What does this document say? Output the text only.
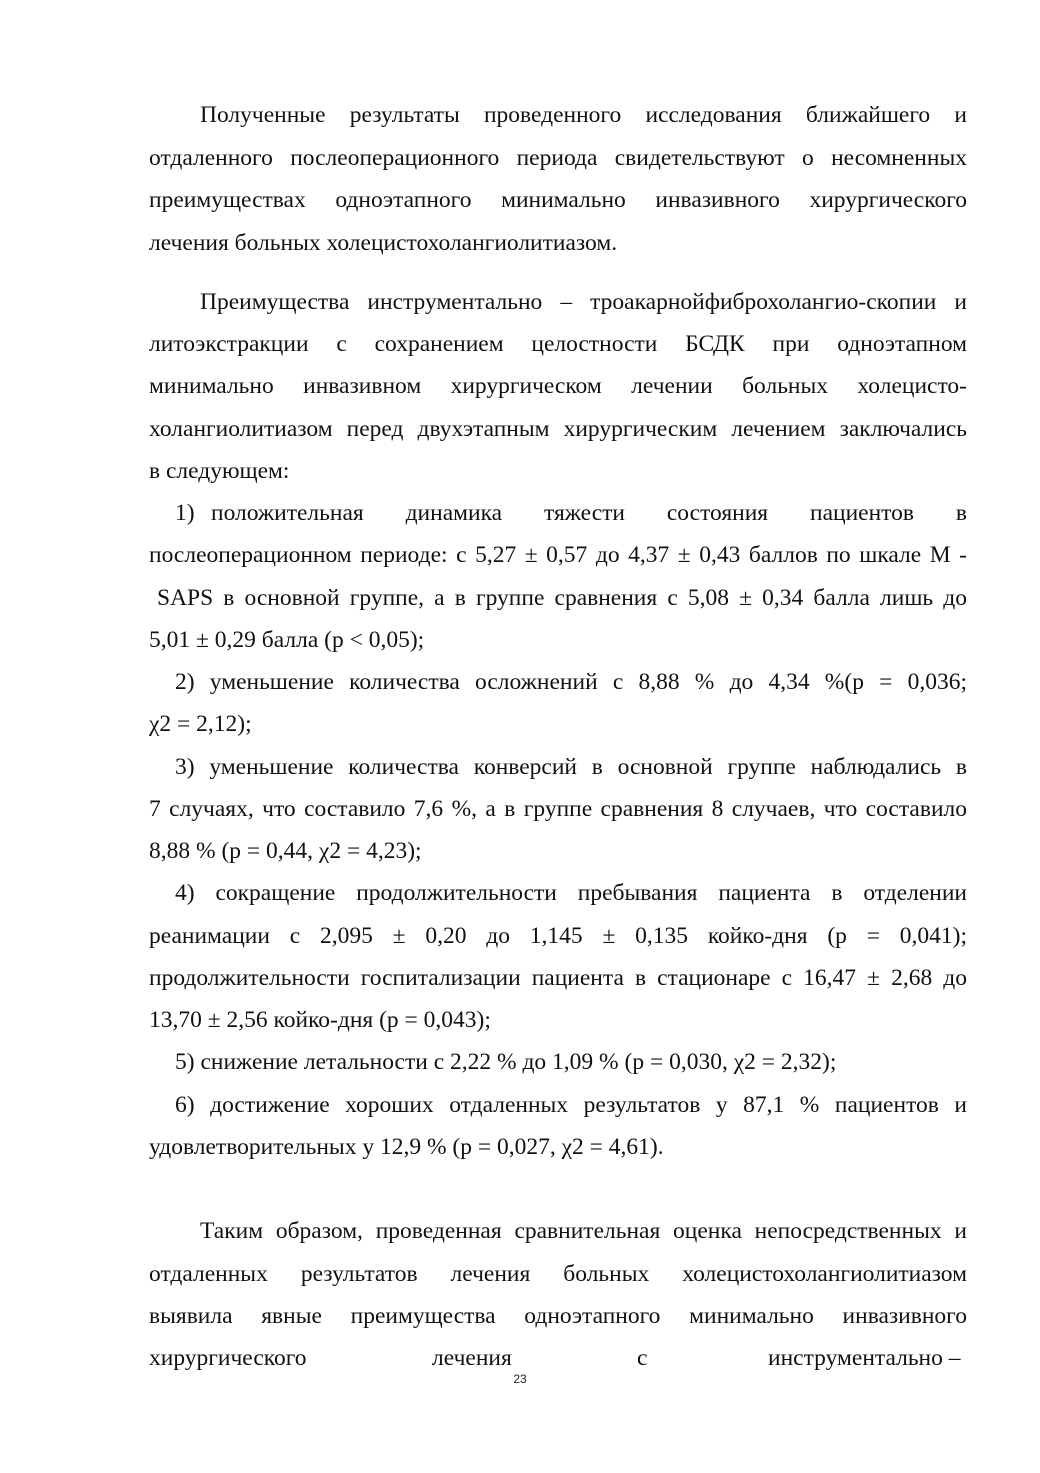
Полученные результаты проведенного исследования ближайшего и
отдаленного послеоперационного периода свидетельствуют о несомненных
преимуществах одноэтапного минимально инвазивного хирургического
лечения больных холецистохолангиолитиазом.
Преимущества инструментально – троакарнойфиброхолангио-скопии и
литоэкстракции с сохранением целостности БСДК при одноэтапном
минимально инвазивном хирургическом лечении больных холецисто-
холангиолитиазом перед двухэтапным хирургическим лечением заключались
в следующем:
1) положительная динамика тяжести состояния пациентов в
послеоперационном периоде: с 5,27 ± 0,57 до 4,37 ± 0,43 баллов по шкале М -
SAPS в основной группе, а в группе сравнения с 5,08 ± 0,34 балла лишь до
5,01 ± 0,29 балла (p < 0,05);
2) уменьшение количества осложнений с 8,88 % до 4,34 %(p = 0,036;
χ2 = 2,12);
3) уменьшение количества конверсий в основной группе наблюдались в
7 случаях, что составило 7,6 %, а в группе сравнения 8 случаев, что составило
8,88 % (p = 0,44, χ2 = 4,23);
4) сокращение продолжительности пребывания пациента в отделении
реанимации с 2,095 ± 0,20 до 1,145 ± 0,135 койко-дня (p = 0,041);
продолжительности госпитализации пациента в стационаре с 16,47 ± 2,68 до
13,70 ± 2,56 койко-дня (p = 0,043);
5) снижение летальности с 2,22 % до 1,09 % (p = 0,030, χ2 = 2,32);
6) достижение хороших отдаленных результатов у 87,1 % пациентов и
удовлетворительных у 12,9 % (p = 0,027, χ2 = 4,61).
Таким образом, проведенная сравнительная оценка непосредственных и
отдаленных результатов лечения больных холецистохолангиолитиазом
выявила явные преимущества одноэтапного минимально инвазивного
хирургического	лечения	с	инструментально –
23
